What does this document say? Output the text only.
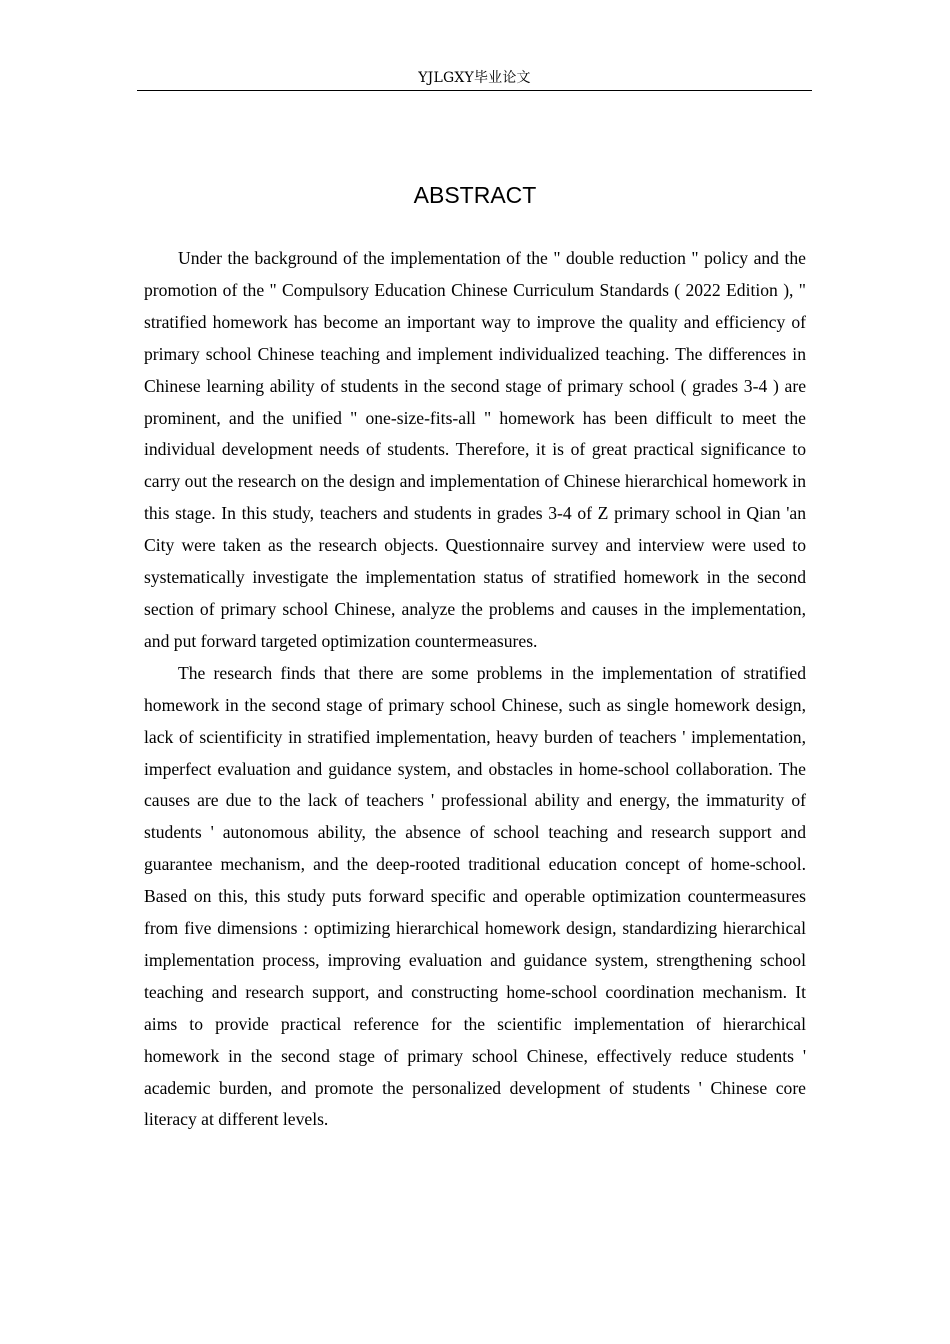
YJLGXY毕业论文
ABSTRACT

Under the background of the implementation of the " double reduction " policy and the promotion of the " Compulsory Education Chinese Curriculum Standards ( 2022 Edition ), " stratified homework has become an important way to improve the quality and efficiency of primary school Chinese teaching and implement individualized teaching. The differences in Chinese learning ability of students in the second stage of primary school ( grades 3-4 ) are prominent, and the unified " one-size-fits-all " homework has been difficult to meet the individual development needs of students. Therefore, it is of great practical significance to carry out the research on the design and implementation of Chinese hierarchical homework in this stage. In this study, teachers and students in grades 3-4 of Z primary school in Qian 'an City were taken as the research objects. Questionnaire survey and interview were used to systematically investigate the implementation status of stratified homework in the second section of primary school Chinese, analyze the problems and causes in the implementation, and put forward targeted optimization countermeasures.

The research finds that there are some problems in the implementation of stratified homework in the second stage of primary school Chinese, such as single homework design, lack of scientificity in stratified implementation, heavy burden of teachers ' implementation, imperfect evaluation and guidance system, and obstacles in home-school collaboration. The causes are due to the lack of teachers ' professional ability and energy, the immaturity of students ' autonomous ability, the absence of school teaching and research support and guarantee mechanism, and the deep-rooted traditional education concept of home-school. Based on this, this study puts forward specific and operable optimization countermeasures from five dimensions : optimizing hierarchical homework design, standardizing hierarchical implementation process, improving evaluation and guidance system, strengthening school teaching and research support, and constructing home-school coordination mechanism. It aims to provide practical reference for the scientific implementation of hierarchical homework in the second stage of primary school Chinese, effectively reduce students ' academic burden, and promote the personalized development of students ' Chinese core literacy at different levels.
